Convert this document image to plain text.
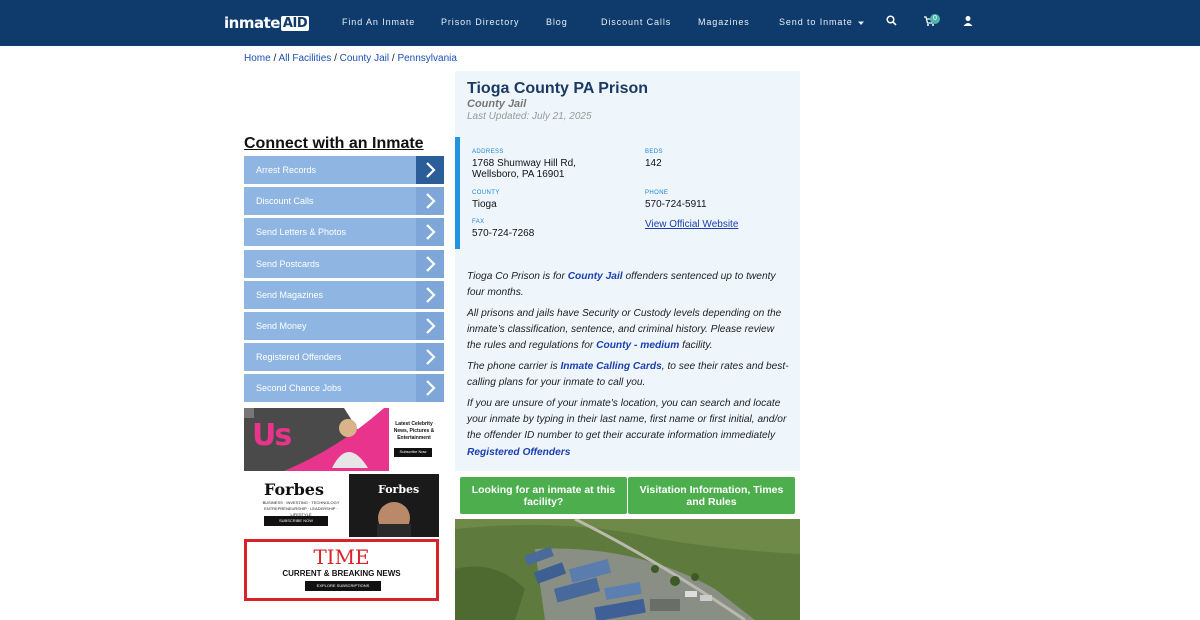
inmate AID	Find An Inmate	Prison Directory	Blog	Discount Calls	Magazines	Send to Inmate	0
Home / All Facilities / County Jail / Pennsylvania
Connect with an Inmate
Arrest Records
Discount Calls
Send Letters & Photos
Send Postcards
Send Magazines
Send Money
Registered Offenders
Second Chance Jobs
Us	Latest Celebrity
News, Pictures &
Entertainment
Subscribe Now
Forbes	Forbes
BUSINESS · INVESTING · TECHNOLOGY
ENTREPRENEURSHIP · LEADERSHIP · LIFESTYLE
SUBSCRIBE NOW
TIME
CURRENT & BREAKING NEWS
EXPLORE SUBSCRIPTIONS
Tioga County PA Prison
County Jail
Last Updated: July 21, 2025
ADDRESS
1768 Shumway Hill Rd,
Wellsboro, PA 16901
BEDS
142
COUNTY
Tioga
PHONE
570-724-5911
FAX
570-724-7268
View Official Website

Tioga Co Prison is for County Jail offenders sentenced up to twenty four months.

All prisons and jails have Security or Custody levels depending on the inmate’s classification, sentence, and criminal history. Please review the rules and regulations for County - medium facility.

The phone carrier is Inmate Calling Cards, to see their rates and best-calling plans for your inmate to call you.

If you are unsure of your inmate's location, you can search and locate your inmate by typing in their last name, first name or first initial, and/or the offender ID number to get their accurate information immediately Registered Offenders

Looking for an inmate at this facility?
Visitation Information, Times and Rules
